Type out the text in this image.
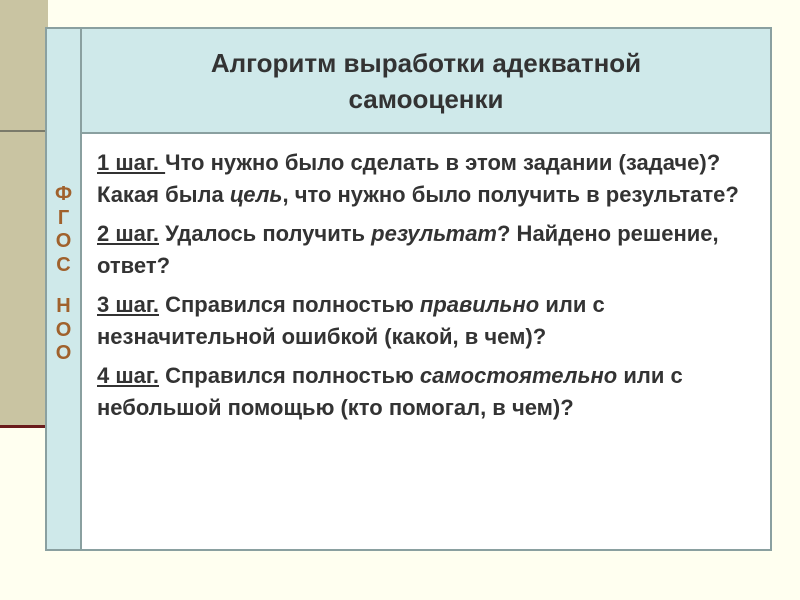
Ф
Г
О
С
Н
О
О
Алгоритм выработки адекватной
самооценки

1 шаг. Что нужно было сделать в этом задании (задаче)? Какая была цель, что нужно было получить в результате?

2 шаг. Удалось получить результат? Найдено решение, ответ?

3 шаг. Справился полностью правильно или с незначительной ошибкой (какой, в чем)?

4 шаг. Справился полностью самостоятельно или с небольшой помощью (кто помогал, в чем)?
